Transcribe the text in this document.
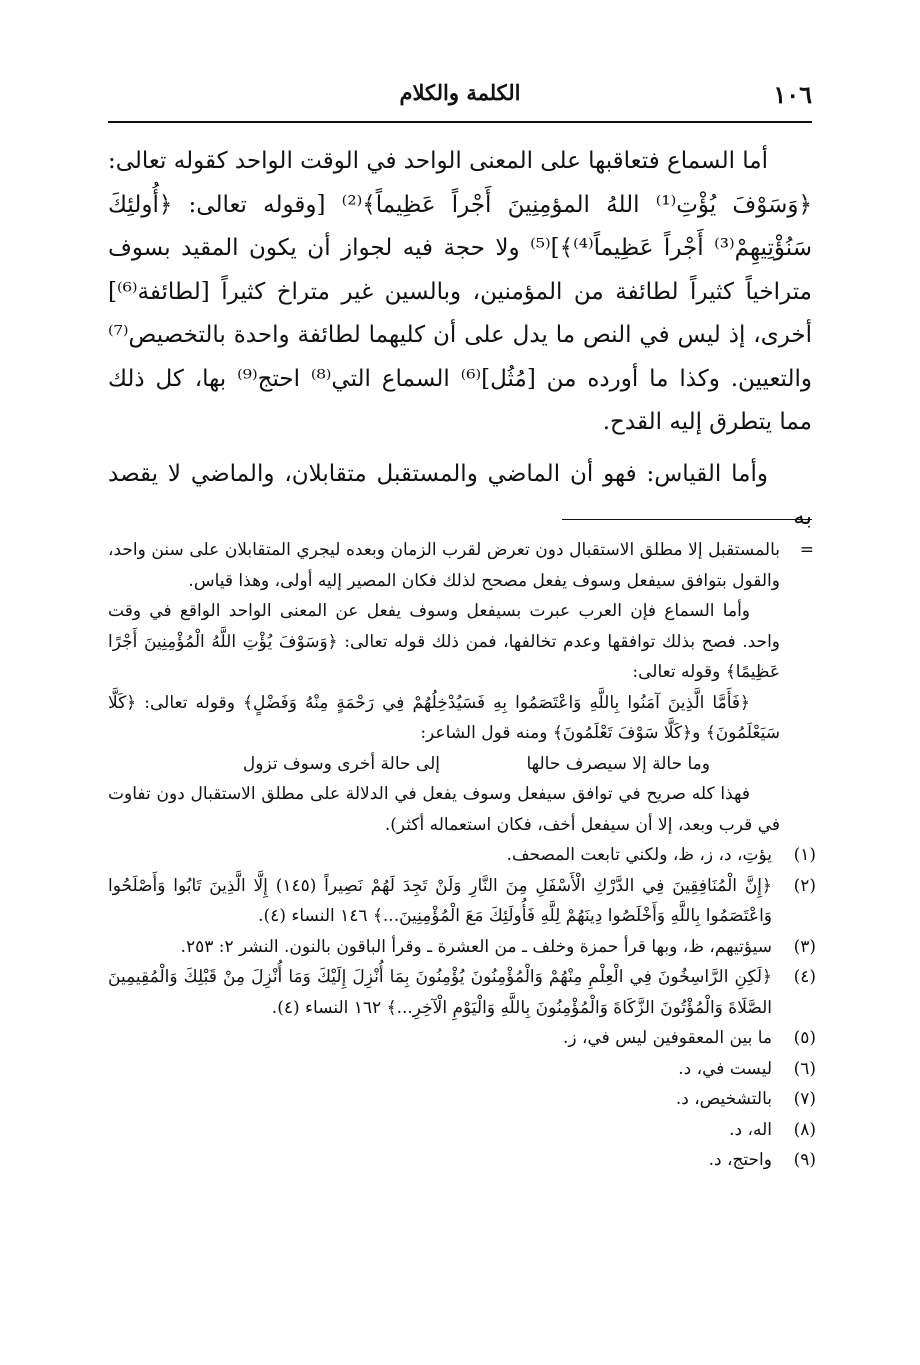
١٠٦
الكلمة والكلام

أما السماع فتعاقبها على المعنى الواحد في الوقت الواحد كقوله تعالى: ﴿وَسَوْفَ يُؤْتِ⁽¹⁾ اللهُ المؤمِنِينَ أَجْراً عَظِيماً﴾⁽²⁾ [وقوله تعالى: ﴿أُولئِكَ سَنُؤْتِيهِمْ⁽³⁾ أَجْراً عَظِيماً⁽⁴⁾﴾]⁽⁵⁾ ولا حجة فيه لجواز أن يكون المقيد بسوف متراخياً كثيراً لطائفة من المؤمنين، وبالسين غير متراخ كثيراً [لطائفة⁽⁶⁾] أخرى، إذ ليس في النص ما يدل على أن كليهما لطائفة واحدة بالتخصيص⁽⁷⁾ والتعيين. وكذا ما أورده من [مُثُل]⁽⁶⁾ السماع التي⁽⁸⁾ احتج⁽⁹⁾ بها، كل ذلك مما يتطرق إليه القدح.

وأما القياس: فهو أن الماضي والمستقبل متقابلان، والماضي لا يقصد به

=

بالمستقبل إلا مطلق الاستقبال دون تعرض لقرب الزمان وبعده ليجري المتقابلان على سنن واحد، والقول بتوافق سيفعل وسوف يفعل مصحح لذلك فكان المصير إليه أولى، وهذا قياس.

وأما السماع فإن العرب عبرت بسيفعل وسوف يفعل عن المعنى الواحد الواقع في وقت واحد. فصح بذلك توافقها وعدم تخالفها، فمن ذلك قوله تعالى: ﴿وَسَوْفَ يُؤْتِ اللَّهُ الْمُؤْمِنِينَ أَجْرًا عَظِيمًا﴾ وقوله تعالى:

﴿فَأَمَّا الَّذِينَ آمَنُوا بِاللَّهِ وَاعْتَصَمُوا بِهِ فَسَيُدْخِلُهُمْ فِي رَحْمَةٍ مِنْهُ وَفَضْلٍ﴾ وقوله تعالى: ﴿كَلَّا سَيَعْلَمُونَ﴾ و﴿كَلَّا سَوْفَ تَعْلَمُونَ﴾ ومنه قول الشاعر:

وما حالة إلا سيصرف حالها
إلى حالة أخرى وسوف تزول

فهذا كله صريح في توافق سيفعل وسوف يفعل في الدلالة على مطلق الاستقبال دون تفاوت في قرب وبعد، إلا أن سيفعل أخف، فكان استعماله أكثر).

(١)
يؤتِ، د، ز، ظ، ولكني تابعت المصحف.
(٢)
﴿إِنَّ الْمُنَافِقِينَ فِي الدَّرْكِ الْأَسْفَلِ مِنَ النَّارِ وَلَنْ تَجِدَ لَهُمْ نَصِيراً (١٤٥) إِلَّا الَّذِينَ تَابُوا وَأَصْلَحُوا وَاعْتَصَمُوا بِاللَّهِ وَأَخْلَصُوا دِينَهُمْ لِلَّهِ فَأُولَئِكَ مَعَ الْمُؤْمِنِينَ...﴾ ١٤٦ النساء (٤).
(٣)
سيؤتيهم، ظ، وبها قرأ حمزة وخلف ـ من العشرة ـ وقرأ الباقون بالنون. النشر ٢: ٢٥٣.
(٤)
﴿لَكِنِ الرَّاسِخُونَ فِي الْعِلْمِ مِنْهُمْ وَالْمُؤْمِنُونَ يُؤْمِنُونَ بِمَا أُنْزِلَ إِلَيْكَ وَمَا أُنْزِلَ مِنْ قَبْلِكَ وَالْمُقِيمِينَ الصَّلَاةَ وَالْمُؤْتُونَ الزَّكَاةَ وَالْمُؤْمِنُونَ بِاللَّهِ وَالْيَوْمِ الْآخِرِ...﴾ ١٦٢ النساء (٤).
(٥)
ما بين المعقوفين ليس في، ز.
(٦)
ليست في، د.
(٧)
بالتشخيص، د.
(٨)
اله، د.
(٩)
واحتج، د.
